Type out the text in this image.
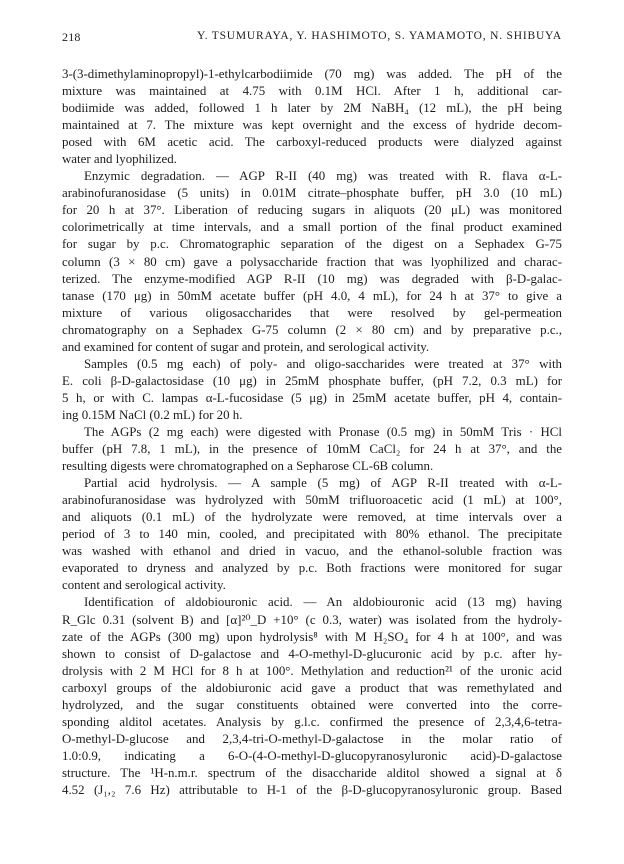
218	Y. TSUMURAYA, Y. HASHIMOTO, S. YAMAMOTO, N. SHIBUYA
3-(3-dimethylaminopropyl)-1-ethylcarbodiimide (70 mg) was added. The pH of the
mixture was maintained at 4.75 with 0.1M HCl. After 1 h, additional car-
bodiimide was added, followed 1 h later by 2M NaBH₄ (12 mL), the pH being
maintained at 7. The mixture was kept overnight and the excess of hydride decom-
posed with 6M acetic acid. The carboxyl-reduced products were dialyzed against
water and lyophilized.
Enzymic degradation. — AGP R-II (40 mg) was treated with R. flava α-L-
arabinofuranosidase (5 units) in 0.01M citrate–phosphate buffer, pH 3.0 (10 mL)
for 20 h at 37°. Liberation of reducing sugars in aliquots (20 μL) was monitored
colorimetrically at time intervals, and a small portion of the final product examined
for sugar by p.c. Chromatographic separation of the digest on a Sephadex G-75
column (3 × 80 cm) gave a polysaccharide fraction that was lyophilized and charac-
terized. The enzyme-modified AGP R-II (10 mg) was degraded with β-D-galac-
tanase (170 μg) in 50mM acetate buffer (pH 4.0, 4 mL), for 24 h at 37° to give a
mixture of various oligosaccharides that were resolved by gel-permeation
chromatography on a Sephadex G-75 column (2 × 80 cm) and by preparative p.c.,
and examined for content of sugar and protein, and serological activity.
Samples (0.5 mg each) of poly- and oligo-saccharides were treated at 37° with
E. coli β-D-galactosidase (10 μg) in 25mM phosphate buffer, (pH 7.2, 0.3 mL) for
5 h, or with C. lampas α-L-fucosidase (5 μg) in 25mM acetate buffer, pH 4, contain-
ing 0.15M NaCl (0.2 mL) for 20 h.
The AGPs (2 mg each) were digested with Pronase (0.5 mg) in 50mM Tris · HCl
buffer (pH 7.8, 1 mL), in the presence of 10mM CaCl₂ for 24 h at 37°, and the
resulting digests were chromatographed on a Sepharose CL-6B column.
Partial acid hydrolysis. — A sample (5 mg) of AGP R-II treated with α-L-
arabinofuranosidase was hydrolyzed with 50mM trifluoroacetic acid (1 mL) at 100°,
and aliquots (0.1 mL) of the hydrolyzate were removed, at time intervals over a
period of 3 to 140 min, cooled, and precipitated with 80% ethanol. The precipitate
was washed with ethanol and dried in vacuo, and the ethanol-soluble fraction was
evaporated to dryness and analyzed by p.c. Both fractions were monitored for sugar
content and serological activity.
Identification of aldobiouronic acid. — An aldobiouronic acid (13 mg) having
R_Glc 0.31 (solvent B) and [α]²⁰_D +10° (c 0.3, water) was isolated from the hydroly-
zate of the AGPs (300 mg) upon hydrolysis⁸ with M H₂SO₄ for 4 h at 100°, and was
shown to consist of D-galactose and 4-O-methyl-D-glucuronic acid by p.c. after hy-
drolysis with 2 M HCl for 8 h at 100°. Methylation and reduction²¹ of the uronic acid
carboxyl groups of the aldobiuronic acid gave a product that was remethylated and
hydrolyzed, and the sugar constituents obtained were converted into the corre-
sponding alditol acetates. Analysis by g.l.c. confirmed the presence of 2,3,4,6-tetra-
O-methyl-D-glucose and 2,3,4-tri-O-methyl-D-galactose in the molar ratio of
1.0:0.9, indicating a 6-O-(4-O-methyl-D-glucopyranosyluronic acid)-D-galactose
structure. The ¹H-n.m.r. spectrum of the disaccharide alditol showed a signal at δ
4.52 (J₁,₂ 7.6 Hz) attributable to H-1 of the β-D-glucopyranosyluronic group. Based
